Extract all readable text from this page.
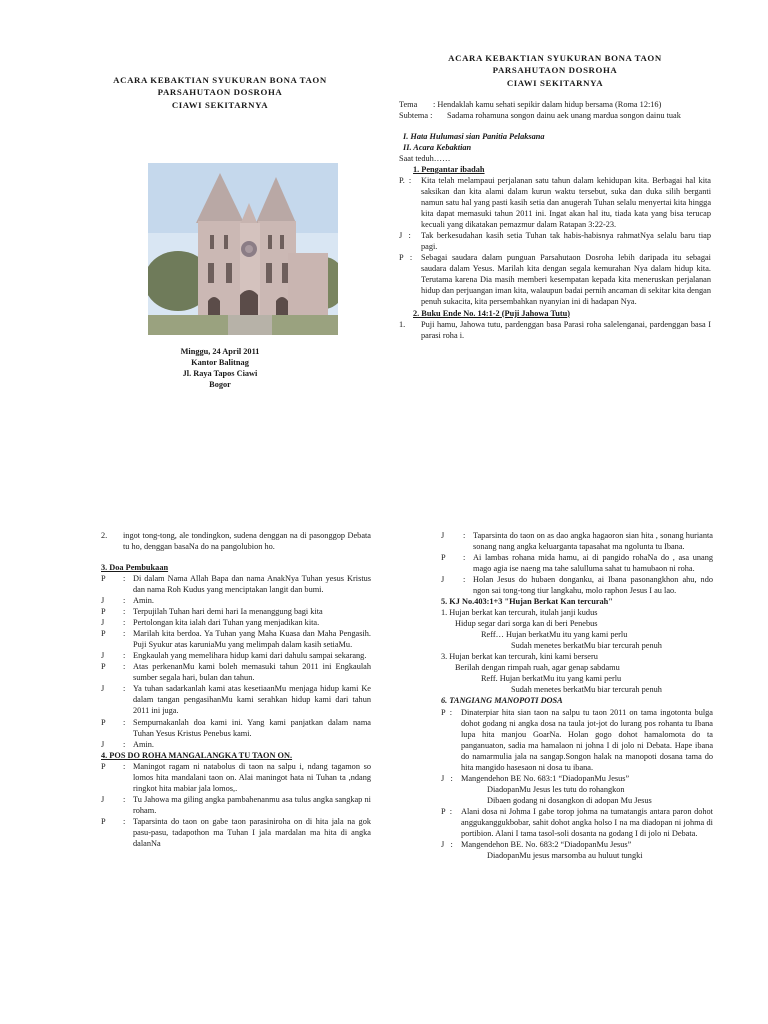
ACARA KEBAKTIAN SYUKURAN BONA TAON
PARSAHUTAON DOSROHA
CIAWI SEKITARNYA
Minggu, 24 April 2011
Kantor Balitnag
Jl. Raya Tapos Ciawi
Bogor
ACARA KEBAKTIAN SYUKURAN BONA TAON
PARSAHUTAON DOSROHA
CIAWI SEKITARNYA
Tema	: Hendaklah kamu sehati sepikir dalam hidup bersama (Roma 12:16)
Subtema :	Sadama rohamuna songon dainu aek unang mardua songon dainu tuak
I. Hata Hulumasi sian Panitia Pelaksana
II. Acara Kebaktian
Saat teduh……
1. Pengantar ibadah
P.  :	Kita telah melampaui perjalanan satu tahun dalam kehidupan kita. Berbagai hal kita saksikan dan kita alami dalam kurun waktu tersebut, suka dan duka silih berganti namun satu hal yang pasti kasih setia dan anugerah Tuhan selalu menyertai kita hingga kita dapat memasuki tahun 2011 ini. Ingat akan hal itu, tiada kata yang bisa terucap kecuali yang dikatakan pemazmur dalam Ratapan 3:22-23.
J   :	Tak berkesudahan kasih setia Tuhan tak habis-habisnya rahmatNya selalu baru tiap pagi.
P   :	Sebagai saudara dalam punguan Parsahutaon Dosroha lebih daripada itu sebagai saudara dalam Yesus. Marilah kita dengan segala kemurahan Nya dalam hidup kita. Terutama karena Dia masih memberi kesempatan kepada kita meneruskan perjalanan hidup dan perjuangan iman kita, walaupun badai pernih ancaman di sekitar kita dengan penuh sukacita, kita persembahkan nyanyian ini di hadapan Nya.
2. Buku Ende No. 14:1-2 (Puji Jahowa Tutu)
1.	Puji hamu, Jahowa tutu, pardenggan basa Parasi roha salelenganai, pardenggan basa I parasi roha i.
2.	ingot tong-tong, ale tondingkon, sudena denggan na di pasonggop Debata tu ho, denggan basaNa do na pangolubion ho.
3. Doa Pembukaan
P	: Di dalam Nama Allah Bapa dan nama AnakNya Tuhan yesus Kristus dan nama Roh Kudus yang menciptakan langit dan bumi.
J	: Amin.
P	: Terpujilah Tuhan hari demi hari Ia menanggung bagi kita
J	: Pertolongan kita ialah dari Tuhan yang menjadikan kita.
P	: Marilah kita berdoa. Ya Tuhan yang Maha Kuasa dan Maha Pengasih. Puji Syukur atas karuniaMu yang melimpah dalam kasih setiaMu.
J	: Engkaulah yang memelihara hidup kami dari dahulu sampai sekarang.
P	: Atas perkenanMu kami boleh memasuki tahun 2011 ini Engkaulah sumber segala hari, bulan dan tahun.
J	: Ya tuhan sadarkanlah kami atas kesetiaanMu menjaga hidup kami Ke dalam tangan pengasihanMu kami serahkan hidup kami dari tahun 2011 ini juga.
P	: Sempurnakanlah doa kami ini. Yang kami panjatkan dalam nama Tuhan Yesus Kristus Penebus kami.
J	: Amin.
4. POS DO ROHA MANGALANGKA TU TAON ON.
P	: Maningot ragam ni natabolus di taon na salpu i, ndang tagamon so lomos hita mandalani taon on. Alai maningot hata ni Tuhan ta ,ndang ringkot hita mabiar jala lomos,.
J	: Tu Jahowa ma giling angka pambahenanmu asa tulus angka sangkap ni roham.
P	: Taparsinta do taon on gabe taon parasiniroha on di hita jala na gok pasu-pasu, tadapothon ma Tuhan I jala mardalan ma hita di angka dalanNa
J	: Taparsinta do taon on as dao angka hagaoron sian hita , sonang hurianta sonang nang angka keluarganta tapasahat ma ngolunta tu Ibana.
P	: Ai lambas rohana mida hamu, ai di pangido rohaNa do , asa unang mago agia ise naeng ma tahe salulluma sahat tu hamubaon ni roha.
J	: Holan Jesus do hubaen donganku, ai Ibana pasonangkhon ahu, ndo ngon sai tong-tong tiur langkahu, molo raphon Jesus I au lao.
5. KJ No.403:1+3 "Hujan Berkat Kan tercurah"
1. Hujan berkat kan tercurah, itulah janji kudus
Hidup segar dari sorga kan di beri Penebus
Reff… Hujan berkatMu itu yang kami perlu
Sudah menetes berkatMu biar tercurah penuh
3. Hujan berkat kan tercurah, kini kami berseru
Berilah dengan rimpah ruah, agar genap sabdamu
Reff. Hujan berkatMu itu yang kami perlu
Sudah menetes berkatMu biar tercurah penuh
6. TANGIANG MANOPOTI DOSA
P  :	Dinaterpiar hita sian taon na salpu tu taon 2011 on tama ingotonta bulga dohot godang ni angka dosa na taula jot-jot do lurang pos rohanta tu Ibana lupa hita manjou GoarNa. Holan gogo dohot hamalomota do ta panganuaton, sadia ma hamalaon ni johna I di jolo ni Debata. Hape ibana do namarmulia jala na sangap.Songon halak na manopoti dosana tama do hita mangido hasesaon ni dosa tu ibana.
J   : Mangendehon BE No. 683:1 “DiadopanMu Jesus”
DiadopanMu Jesus les tutu do rohangkon
Dibaen godang ni dosangkon di adopan Mu Jesus
P  :	Alani dosa ni Johma I gabe torop johma na tumatangis antara paron dohot anggukanggukbobar, sahit dohot angka holso I na ma diadopan ni johma di portibion. Alani I tama tasol-soli dosanta na godang I di jolo ni Debata.
J   : Mangendehon BE. No. 683:2 “DiadopanMu Jesus”
DiadopanMu jesus marsomba au huluut tungki
